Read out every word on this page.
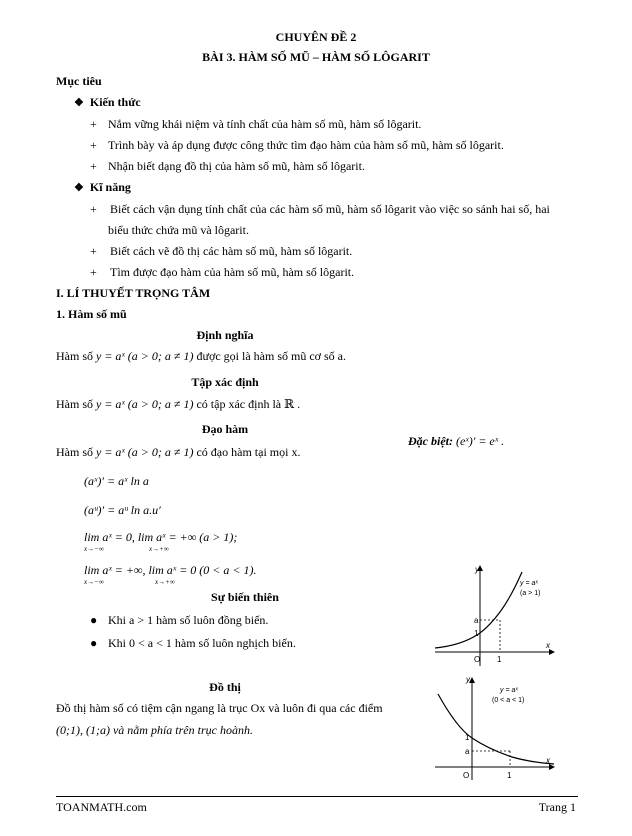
CHUYÊN ĐỀ 2
BÀI 3. HÀM SỐ MŨ – HÀM SỐ LÔGARIT
Mục tiêu
❖ Kiến thức
+ Nắm vững khái niệm và tính chất của hàm số mũ, hàm số lôgarit.
+ Trình bày và áp dụng được công thức tìm đạo hàm của hàm số mũ, hàm số lôgarit.
+ Nhận biết dạng đồ thị của hàm số mũ, hàm số lôgarit.
❖ Kĩ năng
+ Biết cách vận dụng tính chất của các hàm số mũ, hàm số lôgarit vào việc so sánh hai số, hai
biểu thức chứa mũ và lôgarit.
+ Biết cách vẽ đồ thị các hàm số mũ, hàm số lôgarit.
+ Tìm được đạo hàm của hàm số mũ, hàm số lôgarit.
I. LÍ THUYẾT TRỌNG TÂM
1. Hàm số mũ
Định nghĩa
Hàm số y = aˣ (a > 0; a ≠ 1) được gọi là hàm số mũ cơ số a.
Tập xác định
Hàm số y = aˣ (a > 0; a ≠ 1) có tập xác định là ℝ .
Đạo hàm
Hàm số y = aˣ (a > 0; a ≠ 1) có đạo hàm tại mọi x.
Đặc biệt: (eˣ)′ = eˣ .
(aˣ)′ = aˣ ln a
(aᵘ)′ = aᵘ ln a.u′
lim aˣ = 0, lim aˣ = +∞ (a > 1);
x→−∞	x→+∞
lim aˣ = +∞, lim aˣ = 0 (0 < a < 1).
x→−∞	x→+∞
Sự biến thiên
● Khi a > 1 hàm số luôn đồng biến.
● Khi 0 < a < 1 hàm số luôn nghịch biến.
Đồ thị
Đồ thị hàm số có tiệm cận ngang là trục Ox và luôn đi qua các điểm
(0;1), (1;a) và nằm phía trên trục hoành.
x
y
O 1
1
a
y = aˣ
(a > 1)
x
y
O	1
1
a
y = aˣ
(0 < a < 1)
TOANMATH.com	Trang 1
